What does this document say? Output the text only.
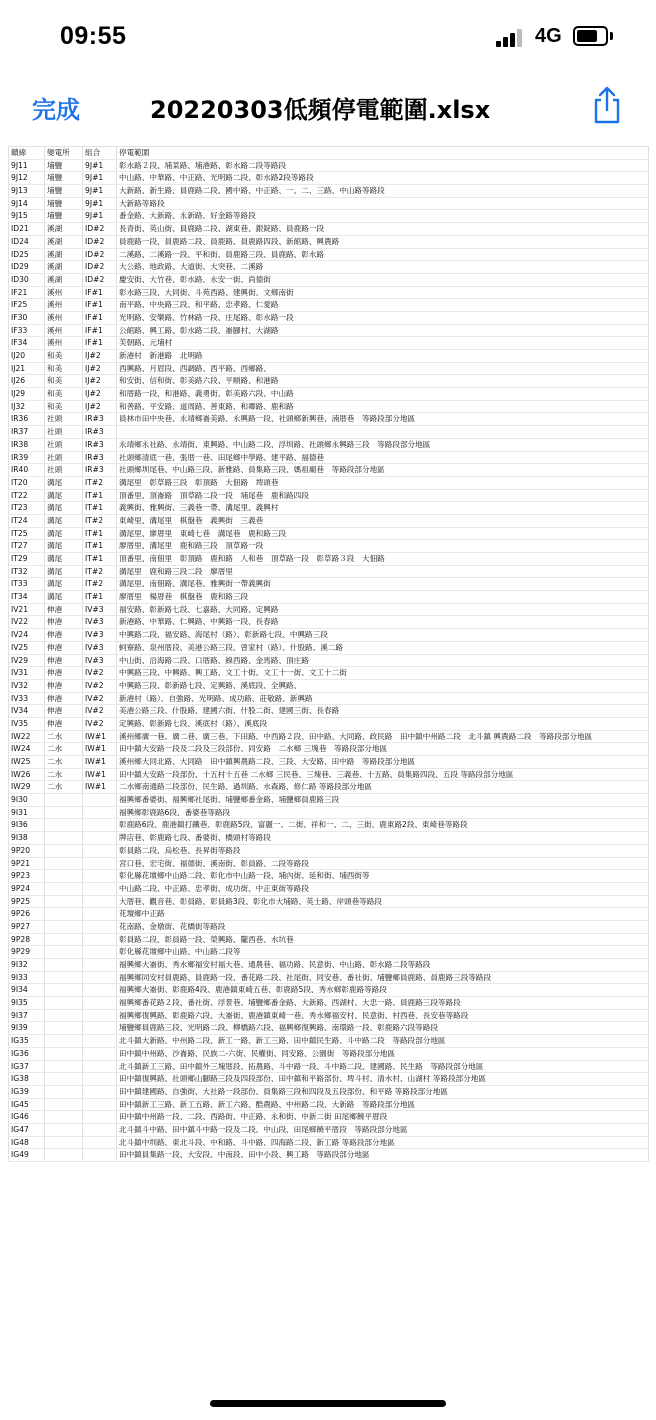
09:55	4G
完成	20220303低頻停電範圍.xlsx
饋線	變電所	組合	停電範圍
9J11	埔鹽	9J#1	彰水路２段、埔菜路、埔港路、彰水路二段等路段
9J12	埔鹽	9J#1	中山路、中華路、中正路、光明路二段、彰水路2段等路段
9J13	埔鹽	9J#1	大新路、新生路、員鹿路二段、國中路、中正路、一、二、三路、中山路等路段
9J14	埔鹽	9J#1	大新路等路段
9J15	埔鹽	9J#1	番金路、大新路、永新路、好金路等路段
ID21	溪湖	ID#2	長青街、英山街、員鹿路二段、湖東巷、銀錠路、員鹿路一段
ID24	溪湖	ID#2	員鹿路一段、員鹿路二段、員鹿路、員鹿路四段、新館路、興農路
ID25	溪湖	ID#2	二溪路、二溪路一段、平和街、員鹿路三段、員鹿路、彰水路
ID29	溪湖	ID#2	大公路、地政路、大道街、大突巷、二溪路
ID30	溪湖	ID#2	慶安街、大竹巷、彰水路、永安一街、尚德街
IF21	溪州	IF#1	彰水路三段、大同街、斗苑西路、建興街、文鄉南街
IF25	溪州	IF#1	南平路、中央路三段、和平路、忠孝路、仁愛路
IF30	溪州	IF#1	光明路、安樂路、竹林路一段、庄尾路、彰水路一段
IF33	溪州	IF#1	公館路、興工路、彰水路二段、崙腳村、大湖路
IF34	溪州	IF#1	芙朝路、元埔村
IJ20	和美	IJ#2	新港村　新港路　北明路
IJ21	和美	IJ#2	西興路、月眉段、西調路、西平路、西鄉路、
IJ26	和美	IJ#2	和安街、信和街、彰美路六段、平順路、和港路
IJ29	和美	IJ#2	和厝路一段、和港路、義勇街、彰美路六段、中山路
IJ32	和美	IJ#2	和善路、平安路、道周路、善東路、和卿路、鹿和路
IR36	社頭	IR#3	員林市田中央巷、永靖鄉崙美路、永興路一段、社頭鄉新興巷、湳厝巷　等路段部分地區
IR37	社頭	IR#3	
IR38	社頭	IR#3	永靖鄉永社路、永靖街、東興路、中山路二段、浮圳路、社頭鄉永興路三段　等路段部分地區
IR39	社頭	IR#3	社頭鄉清底一巷、張厝一巷、田尾鄉中學路、建平路、福德巷
IR40	社頭	IR#3	社頭鄉圳尾巷、中山路三段、新雅路、員集路三段、媽祖廟巷　等路段部分地區
IT20	溝尾	IT#2	溝尾里　彰草路三段　彰頂路　大佃路　埤頭巷
IT22	溝尾	IT#1	頂番里、頂崙路　頂草路二段一段　埔尾巷　鹿和路四段
IT23	溝尾	IT#1	義興街、雅興街、三義巷一帶、溝尾里、義興村
IT24	溝尾	IT#2	東崎里、溝尾里　棋盤巷　義興街　三義巷
IT25	溝尾	IT#1	溝尾里、廖厝里　東崎七巷　溝尾巷　鹿和路三段
IT27	溝尾	IT#1	廖厝里、溝尾里　鹿和路三段　頂草路一段
IT29	溝尾	IT#1	頂番里、南佃里　彰頂路　鹿和路　人和巷　頂草路一段　彰草路３段　大佃路
IT32	溝尾	IT#2	溝尾里　鹿和路三段二段　廖厝里
IT33	溝尾	IT#2	溝尾里、南佃路、溝尾巷、雅興街一帶義興街
IT34	溝尾	IT#1	廖厝里　楊厝巷　棋盤巷　鹿和路三段
IV21	伸港	IV#3	福安路、彰新路七段、七嘉路、大同路、定興路
IV22	伸港	IV#3	新港路、中華路、仁興路、中興路一段、長春路
IV24	伸港	IV#3	中興路二段、福安路、海尾村（路）、彰新路七段、中興路三段
IV25	伸港	IV#3	蚵寮路、泉州厝段、美港公路三段、曾家村（路）、什股路、溪二路
IV29	伸港	IV#3	中山街、沿海路二段、口厝路、線西路、金馬路、頂庄路
IV31	伸港	IV#2	中興路三段、中興路、興工路、文工十街、文工十一街、文工十二街
IV32	伸港	IV#2	中興路三段、彰新路七段、定興路、溪底段、全興路、
IV33	伸港	IV#2	新港村（路）、自強路、光明路、成功路、莊敬路、新興路
IV34	伸港	IV#2	美港公路三段、什股路、建國六街、什股二街、建國三街、長春路
IV35	伸港	IV#2	定興路、彰新路七段、溪底村（路）、溪底段
IW22	二水	IW#1	溪州鄉廣一巷、廣二巷、廣三巷、下田路、中西路２段、田中路、大同路、政民路　田中鎮中州路二段　北斗鎮 興農路二段　等路段部分地區
IW24	二水	IW#1	田中鎮大安路一段及二段及三段部份、同安路　二水鄉 三塊巷　等路段部分地區
IW25	二水	IW#1	溪州鄉大同北路、大同路　田中鎮興農路二段、三段、大安路、田中路　等路段部分地區
IW26	二水	IW#1	田中鎮大安路一段部份、十五村十五巷 二水鄉 三民巷、三塊巷、三義巷、十五路、員集路四段、五段 等路段部分地區
IW29	二水	IW#1	二水鄉南通路二段部份、民生路、過圳路、水森路、修仁路 等路段部分地區
9I30			福興鄉番婆街、福興鄉社尾街、埔鹽鄉番金路、埔鹽鄉員鹿路三段
9I31			福興鄉彰鹿路6段、番婆巷等路段
9I36			彰鹿路6段、鹿港鎮打鐵巷、彰鹿路5段、富麗一、二街、祥和一、二、三街、鹿東路2段、東崎巷等路段
9I38			牌店巷、彰鹿路七段、番婆街、橋頭村等路段
9P20			彰員路二段、烏松巷、長昇街等路段
9P21			宮口巷、宏宅街、福德街、溪南街、彰員路、二段等路段
9P23			彰化縣花壇鄉中山路二段、彰化市中山路一段、埔內街、延和街、埔西街等
9P24			中山路二段、中正路、忠孝街、成功街、中正東街等路段
9P25			大厝巷、觀音巷、彰員路、彰員路3段、彰化市大埔路、英士路、岸頭巷等路段
9P26			花壇鄉中正路
9P27			花南路、金墩街、花橋街等路段
9P28			彰員路二段、彰員路一段、榮興路、隴西巷、水坑巷
9P29			彰化縣花壇鄉中山路、中山路二段等
9I32			福興鄉大崙街、秀水鄉福安村福大巷、通農巷、福功路、民意街、中山路、彰水路二段等路段
9I33			福興鄉同安村員鹿路、員鹿路一段、番花路二段、社尾街、同安巷、番社街、埔鹽鄉員鹿路、員鹿路三段等路段
9I34			福興鄉大崙街、彰鹿路4段、鹿港鎮東崎五巷、彰鹿路5段、秀水鄉彰鹿路等路段
9I35			福興鄉番花路２段、番社街、浮景巷、埔鹽鄉番金路、大新路、西湖村、大忠一路、員鹿路三段等路段
9I37			福興鄉復興路、彰鹿路六段、大崙街、鹿港鎮東崎一巷、秀水鄉福安村、民意街、村西巷、長安巷等路段
9I39			埔鹽鄉員鹿路三段、光明路二段、柳橋路六段、福興鄉復興路、南環路一段、彰鹿路六段等路段
IG35			北斗鎮大新路、中州路二段、新工一路、新工三路、田中鎮民生路、斗中路二段　等路段部分地區
IG36			田中鎮中州路、沙崙路、民族二-六街、民權街、同安路、公園街　等路段部分地區
IG37			北斗鎮新工三路、田中鎮外三塊厝段、拓農路、斗中路一段、斗中路二段、建國路、民生路　等路段部分地區
IG38			田中鎮復興路、社頭鄉山腳路三段及四段部份、田中鎮和平路部份、埤斗村、清水村、山湖村 等路段部分地區
IG39			田中鎮建國路、自強街、大社路一段部份、員集路三段和四段及五段部份、和平路 等路段部分地區
IG45			田中鎮新工三路、新工五路、新工六路、酷農路、中州路二段、大新路　等路段部分地區
IG46			田中鎮中州路一段、二段、西路街、中正路、永和街、中新二街 田尾鄉饒平厝段
IG47			北斗鎮斗中路、田中鎮斗中路一段及二段、中山段、田尾鄉饒平厝段　等路段部分地區
IG48			北斗鎮中圳路、東北斗段、中和路、斗中路、四海路二段、新工路 等路段部分地區
IG49			田中鎮員集路一段、大安段、中南段、田中小段、興工路　等路段部分地區
